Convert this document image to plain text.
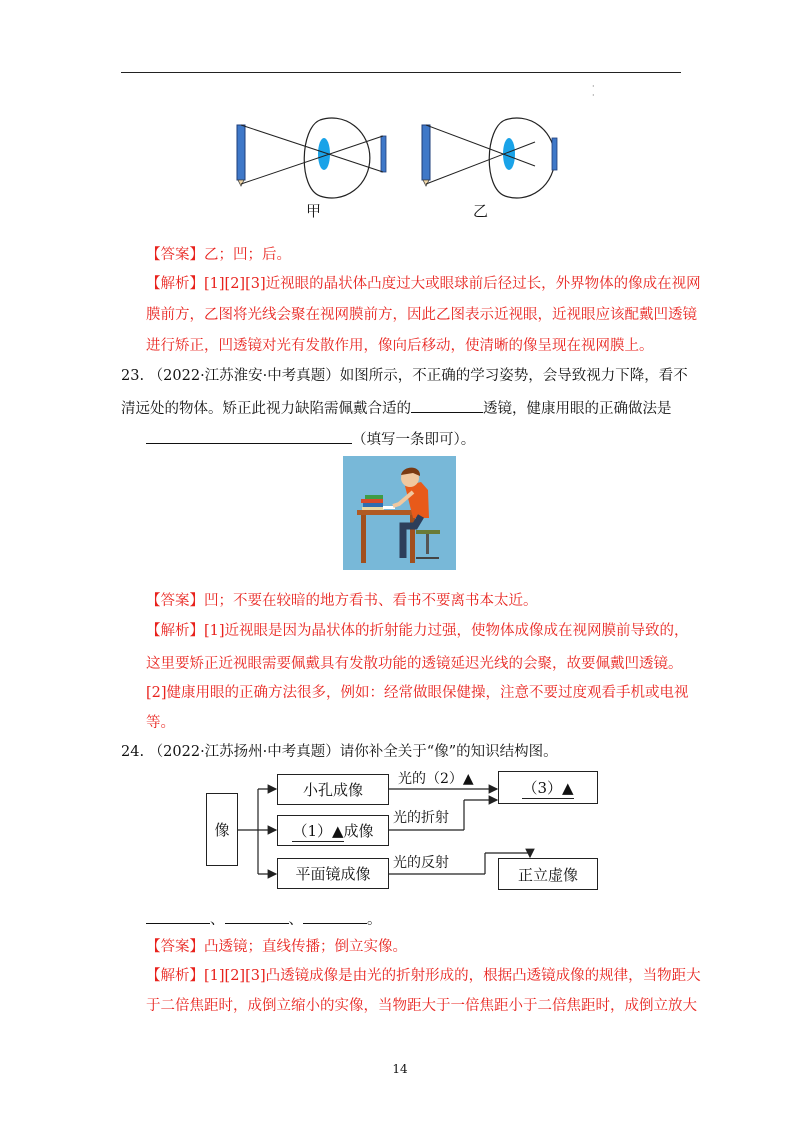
·
·
甲	乙
【答案】乙；凹；后。
【解析】[1][2][3]近视眼的晶状体凸度过大或眼球前后径过长，外界物体的像成在视网
膜前方，乙图将光线会聚在视网膜前方，因此乙图表示近视眼，近视眼应该配戴凹透镜
进行矫正，凹透镜对光有发散作用，像向后移动，使清晰的像呈现在视网膜上。
23. （2022·江苏淮安·中考真题）如图所示，不正确的学习姿势，会导致视力下降，看不
清远处的物体。矫正此视力缺陷需佩戴合适的	透镜，健康用眼的正确做法是
（填写一条即可）。
【答案】凹；不要在较暗的地方看书、看书不要离书本太近。
【解析】[1]近视眼是因为晶状体的折射能力过强，使物体成像成在视网膜前导致的，
这里要矫正近视眼需要佩戴具有发散功能的透镜延迟光线的会聚，故要佩戴凹透镜。
[2]健康用眼的正确方法很多，例如：经常做眼保健操，注意不要过度观看手机或电视
等。
24. （2022·江苏扬州·中考真题）请你补全关于“像”的知识结构图。
像
小孔成像
（1）▲ 成像
平面镜成像
（3）▲
正立虚像
光的（2）▲
光的折射
光的反射
、	、	。
【答案】凸透镜；直线传播；倒立实像。
【解析】[1][2][3]凸透镜成像是由光的折射形成的，根据凸透镜成像的规律，当物距大
于二倍焦距时，成倒立缩小的实像，当物距大于一倍焦距小于二倍焦距时，成倒立放大
14
